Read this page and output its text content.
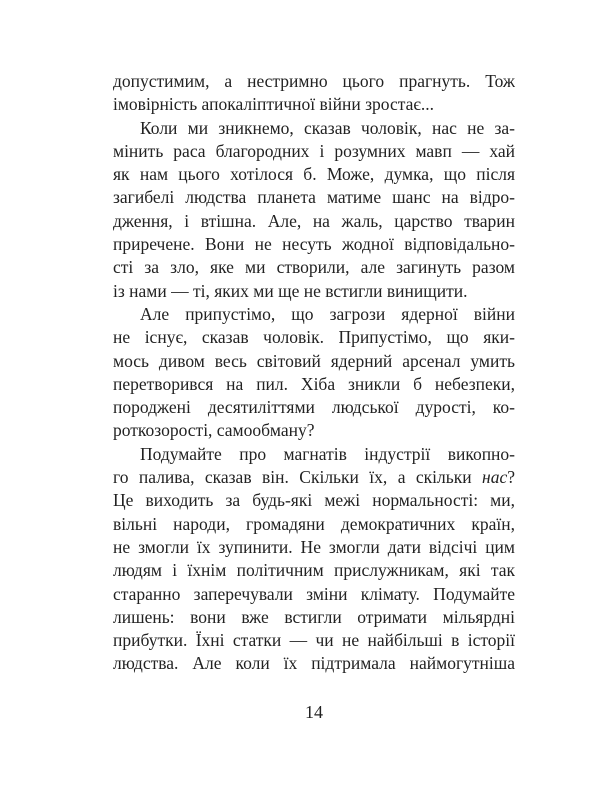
допустимим, а нестримно цього прагнуть. Тож
імовірність апокаліптичної війни зростає...
Коли ми зникнемо, сказав чоловік, нас не за-
мінить раса благородних і розумних мавп — хай
як нам цього хотілося б. Може, думка, що після
загибелі людства планета матиме шанс на відро-
дження, і втішна. Але, на жаль, царство тварин
приречене. Вони не несуть жодної відповідально-
сті за зло, яке ми створили, але загинуть разом
із нами — ті, яких ми ще не встигли винищити.
Але припустімо, що загрози ядерної війни
не існує, сказав чоловік. Припустімо, що яки-
мось дивом весь світовий ядерний арсенал умить
перетворився на пил. Хіба зникли б небезпеки,
породжені десятиліттями людської дурості, ко-
роткозорості, самообману?
Подумайте про магнатів індустрії викопно-
го палива, сказав він. Скільки їх, а скільки нас?
Це виходить за будь-які межі нормальності: ми,
вільні народи, громадяни демократичних країн,
не змогли їх зупинити. Не змогли дати відсічі цим
людям і їхнім політичним прислужникам, які так
старанно заперечували зміни клімату. Подумайте
лишень: вони вже встигли отримати мільярдні
прибутки. Їхні статки — чи не найбільші в історії
людства. Але коли їх підтримала наймогутніша
14
